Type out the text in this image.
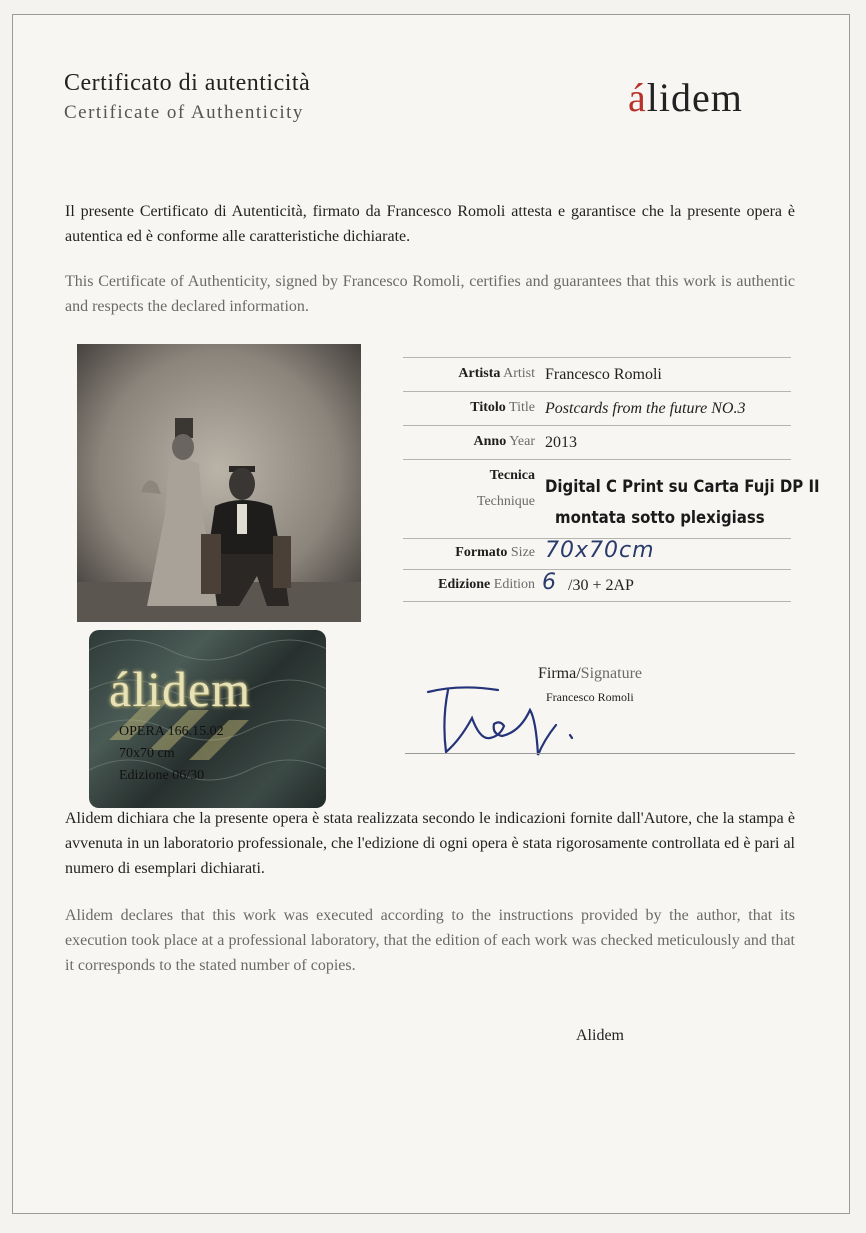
Certificato di autenticità
Certificate of Authenticity	álidem
Il presente Certificato di Autenticità, firmato da Francesco Romoli attesta e garantisce che la presente opera è autentica ed è conforme alle caratteristiche dichiarate.
This Certificate of Authenticity, signed by Francesco Romoli, certifies and guarantees that this work is authentic and respects the declared information.
álidem
OPERA 166.15.02
70x70 cm
Edizione 06/30
Artista Artist Francesco Romoli
Titolo Title Postcards from the future NO.3
Anno Year 2013
Tecnica
Technique
Digital C Print su Carta Fuji DP II
montata sotto plexigiass
Formato Size 70x70cm
Edizione Edition 6 /30 + 2AP
Firma/Signature
Francesco Romoli
Alidem dichiara che la presente opera è stata realizzata secondo le indicazioni fornite dall'Autore, che la stampa è avvenuta in un laboratorio professionale, che l'edizione di ogni opera è stata rigorosamente controllata ed è pari al numero di esemplari dichiarati.
Alidem declares that this work was executed according to the instructions provided by the author, that its execution took place at a professional laboratory, that the edition of each work was checked meticulously and that it corresponds to the stated number of copies.
Alidem
